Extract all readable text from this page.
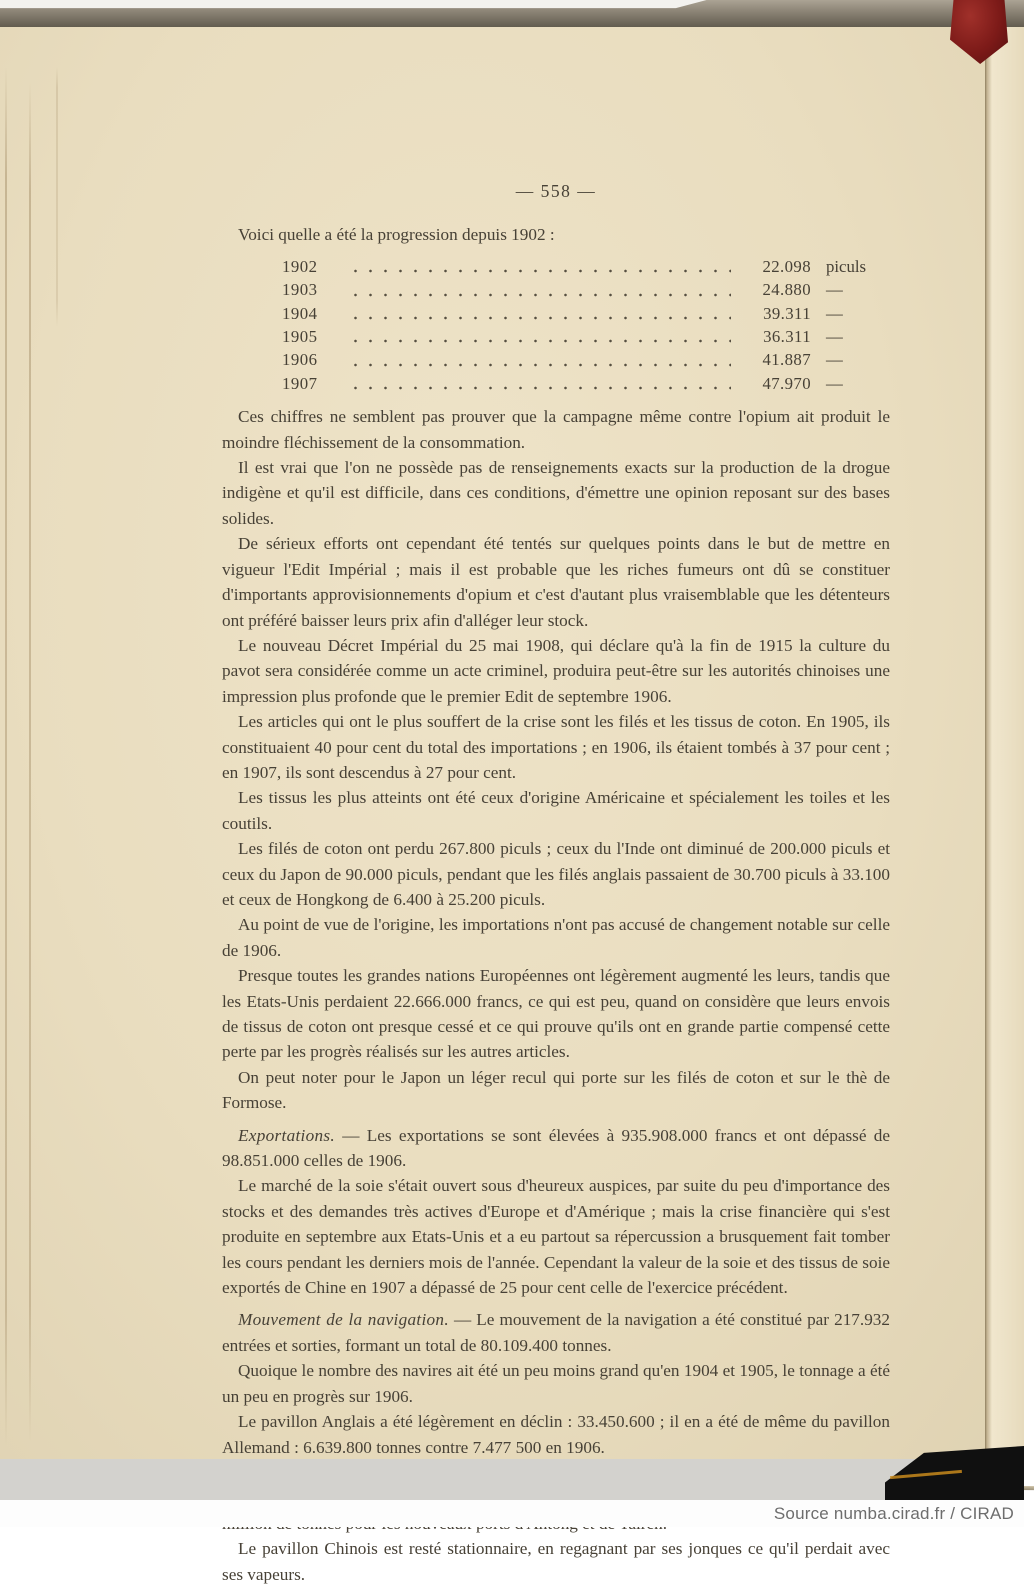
— 558 —
Voici quelle a été la progression depuis 1902 :
1902	22.098 piculs
1903	24.880 —
1904	39.311 —
1905	36.311 —
1906	41.887 —
1907	47.970 —

Ces chiffres ne semblent pas prouver que la campagne même contre l'opium ait produit le moindre fléchissement de la consommation.

Il est vrai que l'on ne possède pas de renseignements exacts sur la production de la drogue indigène et qu'il est difficile, dans ces conditions, d'émettre une opinion reposant sur des bases solides.

De sérieux efforts ont cependant été tentés sur quelques points dans le but de mettre en vigueur l'Edit Impérial ; mais il est probable que les riches fumeurs ont dû se constituer d'importants approvisionnements d'opium et c'est d'autant plus vraisemblable que les détenteurs ont préféré baisser leurs prix afin d'alléger leur stock.

Le nouveau Décret Impérial du 25 mai 1908, qui déclare qu'à la fin de 1915 la culture du pavot sera considérée comme un acte criminel, produira peut-être sur les autorités chinoises une impression plus profonde que le premier Edit de septembre 1906.

Les articles qui ont le plus souffert de la crise sont les filés et les tissus de coton. En 1905, ils constituaient 40 pour cent du total des importations ; en 1906, ils étaient tombés à 37 pour cent ; en 1907, ils sont descendus à 27 pour cent.

Les tissus les plus atteints ont été ceux d'origine Américaine et spécialement les toiles et les coutils.

Les filés de coton ont perdu 267.800 piculs ; ceux du l'Inde ont diminué de 200.000 piculs et ceux du Japon de 90.000 piculs, pendant que les filés anglais passaient de 30.700 piculs à 33.100 et ceux de Hongkong de 6.400 à 25.200 piculs.

Au point de vue de l'origine, les importations n'ont pas accusé de changement notable sur celle de 1906.

Presque toutes les grandes nations Européennes ont légèrement augmenté les leurs, tandis que les Etats-Unis perdaient 22.666.000 francs, ce qui est peu, quand on considère que leurs envois de tissus de coton ont presque cessé et ce qui prouve qu'ils ont en grande partie compensé cette perte par les progrès réalisés sur les autres articles.

On peut noter pour le Japon un léger recul qui porte sur les filés de coton et sur le thè de Formose.

Exportations. — Les exportations se sont élevées à 935.908.000 francs et ont dépassé de 98.851.000 celles de 1906.

Le marché de la soie s'était ouvert sous d'heureux auspices, par suite du peu d'importance des stocks et des demandes très actives d'Europe et d'Amérique ; mais la crise financière qui s'est produite en septembre aux Etats-Unis et a eu partout sa répercussion a brusquement fait tomber les cours pendant les derniers mois de l'année. Cependant la valeur de la soie et des tissus de soie exportés de Chine en 1907 a dépassé de 25 pour cent celle de l'exercice précédent.

Mouvement de la navigation. — Le mouvement de la navigation a été constitué par 217.932 entrées et sorties, formant un total de 80.109.400 tonnes.

Quoique le nombre des navires ait été un peu moins grand qu'en 1904 et 1905, le tonnage a été un peu en progrès sur 1906.

Le pavillon Anglais a été légèrement en déclin : 33.450.600 ; il en a été de même du pavillon Allemand : 6.639.800 tonnes contre 7.477 500 en 1906.

Le pavillon Chinois est resté stationnaire, en regagnant par ses jonques ce qu'il perdait avec ses vapeurs.

Source numba.cirad.fr / CIRAD
